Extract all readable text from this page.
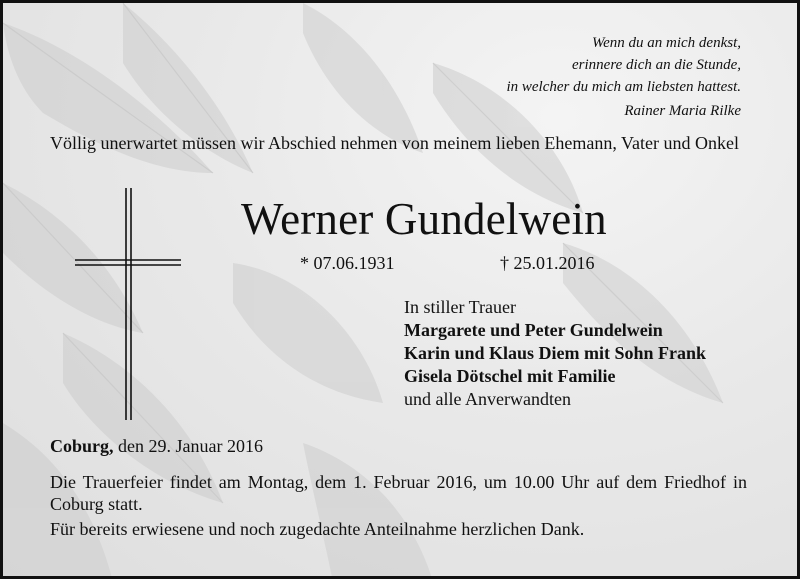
Wenn du an mich denkst,
erinnere dich an die Stunde,
in welcher du mich am liebsten hattest.
Rainer Maria Rilke
Völlig unerwartet müssen wir Abschied nehmen von meinem lieben Ehemann, Vater und Onkel
Werner Gundelwein
* 07.06.1931	† 25.01.2016
In stiller Trauer
Margarete und Peter Gundelwein
Karin und Klaus Diem mit Sohn Frank
Gisela Dötschel mit Familie
und alle Anverwandten
Coburg, den 29. Januar 2016
Die Trauerfeier findet am Montag, dem 1. Februar 2016, um 10.00 Uhr auf dem Friedhof in Coburg statt.
Für bereits erwiesene und noch zugedachte Anteilnahme herzlichen Dank.
